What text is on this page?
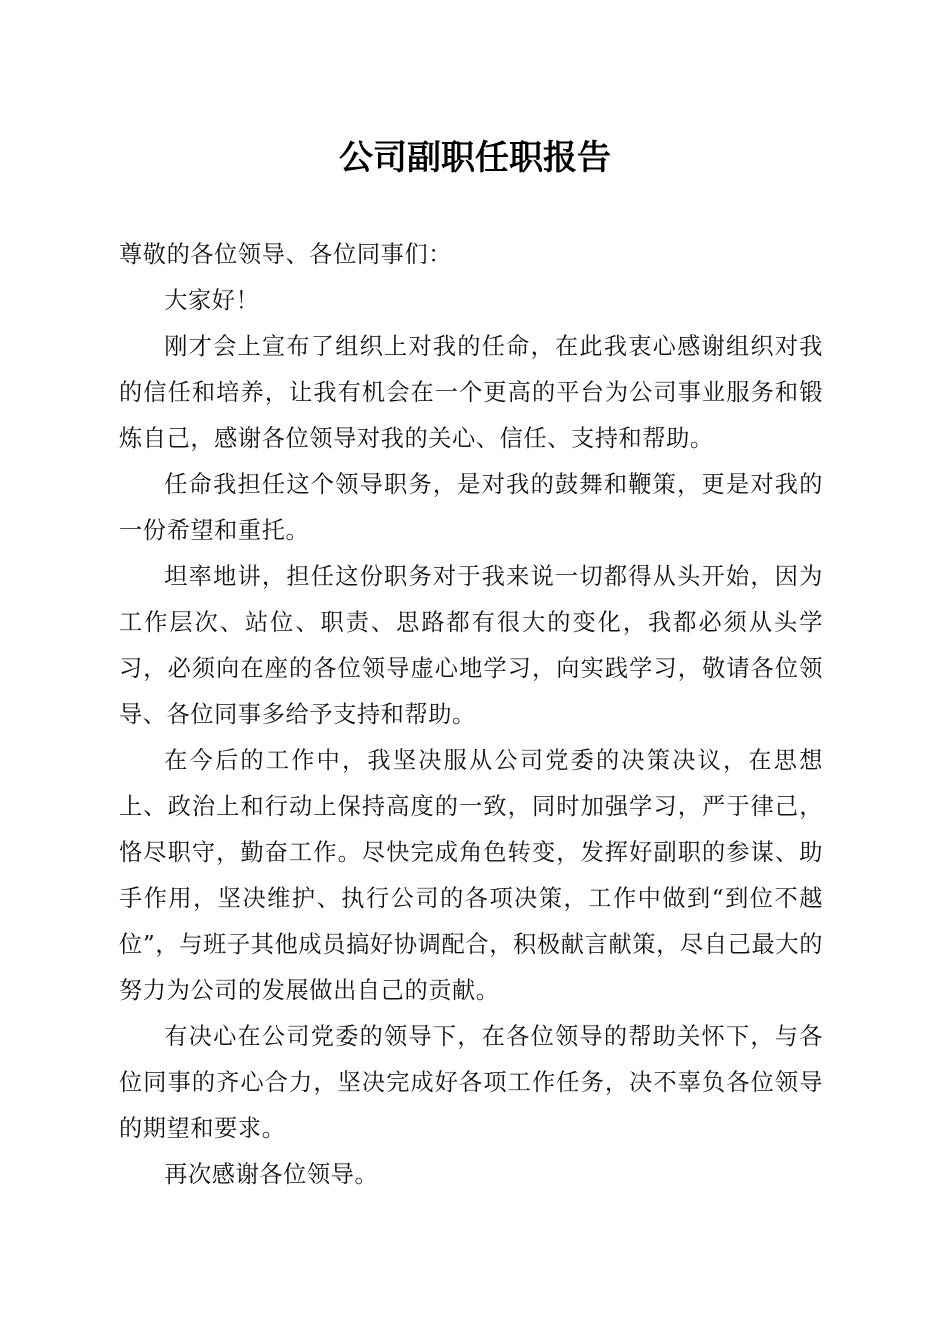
公司副职任职报告

尊敬的各位领导、各位同事们：

大家好！

刚才会上宣布了组织上对我的任命，在此我衷心感谢组织对我的信任和培养，让我有机会在一个更高的平台为公司事业服务和锻炼自己，感谢各位领导对我的关心、信任、支持和帮助。

任命我担任这个领导职务，是对我的鼓舞和鞭策，更是对我的一份希望和重托。

坦率地讲，担任这份职务对于我来说一切都得从头开始，因为工作层次、站位、职责、思路都有很大的变化，我都必须从头学习，必须向在座的各位领导虚心地学习，向实践学习，敬请各位领导、各位同事多给予支持和帮助。

在今后的工作中，我坚决服从公司党委的决策决议，在思想上、政治上和行动上保持高度的一致，同时加强学习，严于律己，恪尽职守，勤奋工作。尽快完成角色转变，发挥好副职的参谋、助手作用，坚决维护、执行公司的各项决策，工作中做到“到位不越位”，与班子其他成员搞好协调配合，积极献言献策，尽自己最大的努力为公司的发展做出自己的贡献。

有决心在公司党委的领导下，在各位领导的帮助关怀下，与各位同事的齐心合力，坚决完成好各项工作任务，决不辜负各位领导的期望和要求。

再次感谢各位领导。
